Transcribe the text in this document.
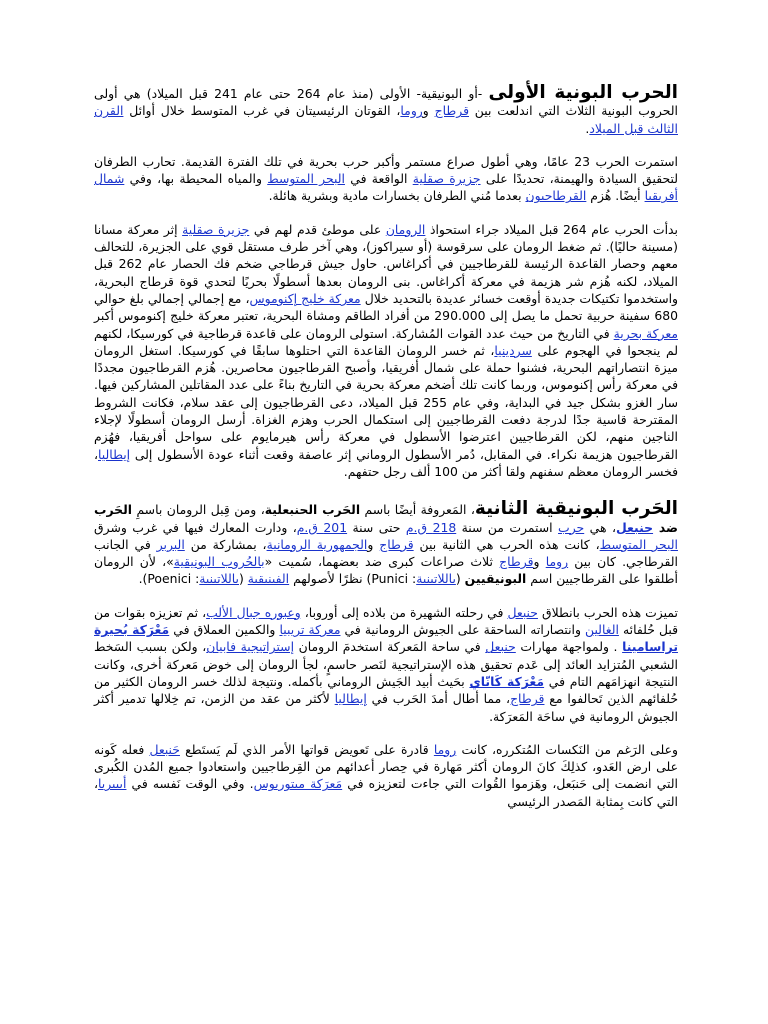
الحرب البونية الأولى -أو البونيقية- الأولى (منذ عام 264 حتى عام 241 قبل الميلاد) هي أولى الحروب البونية الثلاث التي اندلعت بين قرطاج وروما، القوتان الرئيسيتان في غرب المتوسط خلال أوائل القرن الثالث قبل الميلاد.

استمرت الحرب 23 عامًا، وهي أطول صراع مستمر وأكبر حرب بحرية في تلك الفترة القديمة. تحارب الطرفان لتحقيق السيادة والهيمنة، تحديدًا على جزيرة صقلية الواقعة في البحر المتوسط والمياه المحيطة بها، وفي شمال أفريقيا أيضًا. هُزم القرطاجيون بعدما مُني الطرفان بخسارات مادية وبشرية هائلة.

بدأت الحرب عام 264 قبل الميلاد جراء استحواذ الرومان على موطئ قدم لهم في جزيرة صقلية إثر معركة مسانا (مسينة حاليًا). ثم ضغط الرومان على سرقوسة (أو سيراكوز)، وهي آخر طرف مستقل قوي على الجزيرة، للتحالف معهم وحصار القاعدة الرئيسة للقرطاجيين في أكراغاس. حاول جيش قرطاجي ضخم فك الحصار عام 262 قبل الميلاد، لكنه هُزم شر هزيمة في معركة أكراغاس. بنى الرومان بعدها أسطولًا بحريًا لتحدي قوة قرطاج البحرية، واستخدموا تكتيكات جديدة أوقعت خسائر عديدة بالتحديد خلال معركة خليج إكنوموس، مع إجمالي إجمالي بلغ حوالي 680 سفينة حربية تحمل ما يصل إلى 290.000 من أفراد الطاقم ومشاة البحرية، تعتبر معركة خليج إكنوموس أكبر معركة بحرية في التاريخ من حيث عدد القوات المُشاركة. استولى الرومان على قاعدة قرطاجية في كورسيكا، لكنهم لم ينجحوا في الهجوم على سردينيا، ثم خسر الرومان القاعدة التي احتلوها سابقًا في كورسيكا. استغل الرومان ميزة انتصاراتهم البحرية، فشنوا حملة على شمال أفريقيا، وأصبح القرطاجيون محاصرين. هُزم القرطاجيون مجددًا في معركة رأس إكنوموس، وربما كانت تلك أضخم معركة بحرية في التاريخ بناءً على عدد المقاتلين المشاركين فيها. سار الغزو بشكل جيد في البداية، وفي عام 255 قبل الميلاد، دعى القرطاجيون إلى عقد سلام، فكانت الشروط المقترحة قاسية جدًا لدرجة دفعت القرطاجيين إلى استكمال الحرب وهزم الغزاة. أرسل الرومان أسطولًا لإجلاء الناجين منهم، لكن القرطاجيين اعترضوا الأسطول في معركة رأس هيرمايوم على سواحل أفريقيا، فهُزم القرطاجيون هزيمة نكراء. في المقابل، دُمر الأسطول الروماني إثر عاصفة وقعت أثناء عودة الأسطول إلى إيطاليا، فخسر الرومان معظم سفنهم ولقا أكثر من 100 ألف رجل حتفهم.

الحَرب البونيقية الثانية، المَعروفة أيضًا باسم الحَرب الحنبعلية، ومن قِبل الرومان باسمِ الحَرب ضد حنبعل، هي حرب استمرت من سنة 218 ق.م حتى سنة 201 ق.م، ودارت المعارك فيها في غرب وشرق البحر المتوسط، كانت هذه الحرب هي الثانية بين قرطاج والجمهورية الرومانية، بمشاركة من البربر في الجانب القرطاجي. كان بين روما وقرطاج ثلاث صراعات كبرى ضد بعضهما، سُميت «بالحُروب البونيقية»، لأن الرومان أطلقوا على القرطاجيين اسم البونيقيين (باللاتينية: Punici) نظرًا لأصولهم الفينيقية (باللاتينية: Poenici).

تميزت هذه الحرب بانطلاق حنبعل في رحلته الشهيرة من بلاده إلى أوروبا، وعبوره جبال الألب، ثم تعزيزه بقوات من قبل حُلفائه الغالين وانتصاراته الساحقة على الجيوش الرومانية في معركة تريبيا والكمين العملاق في مَعْرَكة بُحيرة تراسامينا . ولمواجهة مهارات حنبعل في ساحة المَعركة استخدمَ الرومان إستراتيجية فابيان، ولكن بسبب السَخط الشعبي المُتزايد العائد إلى عَدم تحقيق هذه الإستراتيجية لنَصر حاسمٍ، لجأ الرومان إلى خوض مَعركة أخرى، وكانت النتيجة انهزامَهم التام في مَعْرَكة كَانّاي بحَيث أبيد الجَيش الروماني بأكمله. ونتيجة لذلك خسر الرومان الكثير من حُلفائهم الذين تَحالفوا مع قرطاج، مما أطال أمدَ الحَرب في إيطاليا لأكثر من عقد من الزمن، تم خِلالها تدمير أكثر الجيوش الرومانية في ساحَة المَعرَكة.

وعلى الرَغم من النَكسات المُتكرره، كانت روما قادرة على تَعويض قواتها الأمر الذي لَم يَستَطع حَنبعل فعله كَونه على ارض العَدو، كذلِكَ كانَ الرومان أكثر مَهارة في حِصار أعدائهم من القِرطاجيين واستعادوا جميع المُدن الكُبرى التي انضمت إلى حَنبَعل، وهَزموا القُوات التي جاءت لتعزيزه في مَعرَكة ميتوريوس. وفي الوقت نَفسه في أيبيريا، التي كانت بِمثابة المَصدر الرئيسي
